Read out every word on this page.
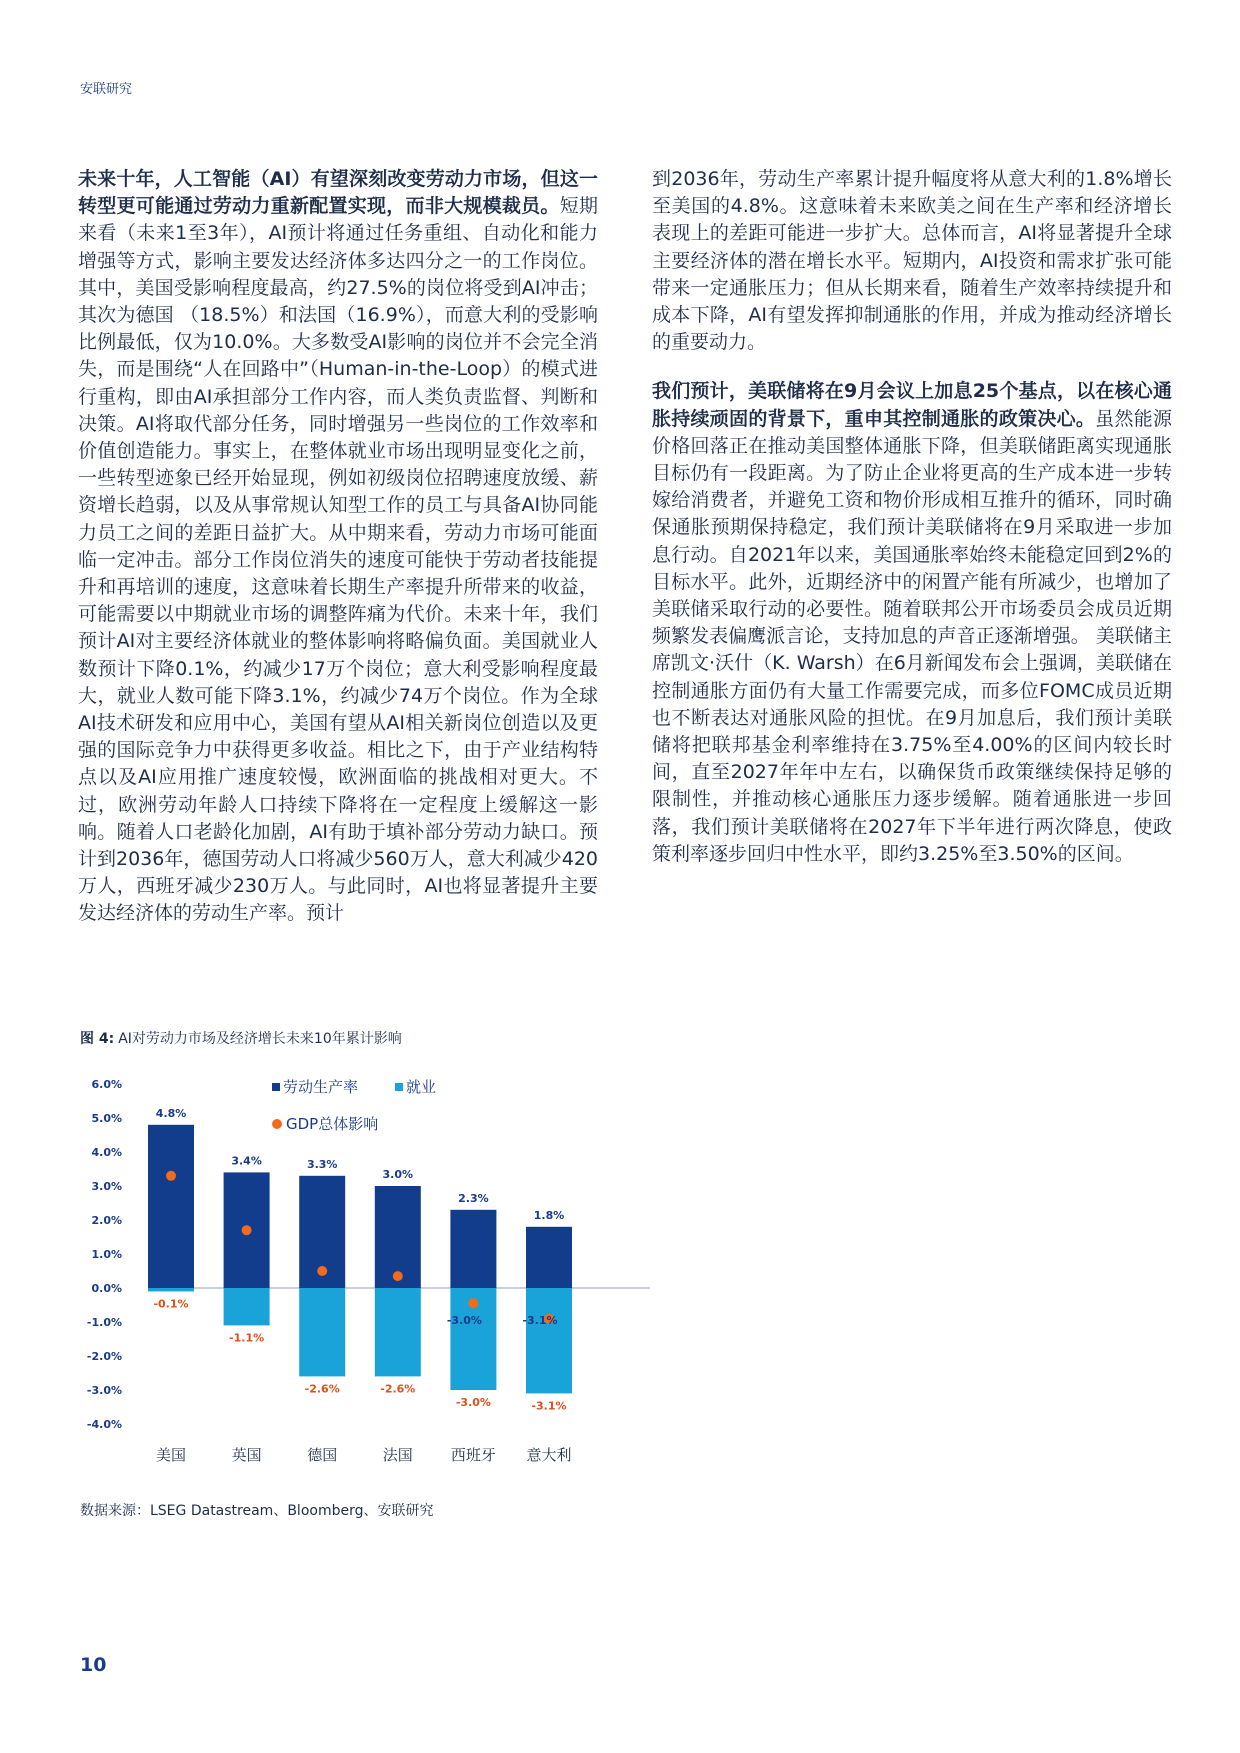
安联研究

未来十年，人工智能（AI）有望深刻改变劳动力市场，但这一转型更可能通过劳动力重新配置实现，而非大规模裁员。短期来看（未来1至3年），AI预计将通过任务重组、自动化和能力增强等方式，影响主要发达经济体多达四分之一的工作岗位。其中，美国受影响程度最高，约27.5%的岗位将受到AI冲击；其次为德国 （18.5%）和法国（16.9%），而意大利的受影响比例最低，仅为10.0%。大多数受AI影响的岗位并不会完全消失，而是围绕“人在回路中”（Human-in-the-Loop）的模式进行重构，即由AI承担部分工作内容，而人类负责监督、判断和决策。AI将取代部分任务，同时增强另一些岗位的工作效率和价值创造能力。事实上，在整体就业市场出现明显变化之前，一些转型迹象已经开始显现，例如初级岗位招聘速度放缓、薪资增长趋弱，以及从事常规认知型工作的员工与具备AI协同能力员工之间的差距日益扩大。从中期来看，劳动力市场可能面临一定冲击。部分工作岗位消失的速度可能快于劳动者技能提升和再培训的速度，这意味着长期生产率提升所带来的收益，可能需要以中期就业市场的调整阵痛为代价。未来十年，我们预计AI对主要经济体就业的整体影响将略偏负面。美国就业人数预计下降0.1%，约减少17万个岗位；意大利受影响程度最大，就业人数可能下降3.1%，约减少74万个岗位。作为全球AI技术研发和应用中心，美国有望从AI相关新岗位创造以及更强的国际竞争力中获得更多收益。相比之下，由于产业结构特点以及AI应用推广速度较慢，欧洲面临的挑战相对更大。不过，欧洲劳动年龄人口持续下降将在一定程度上缓解这一影响。随着人口老龄化加剧，AI有助于填补部分劳动力缺口。预计到2036年，德国劳动人口将减少560万人，意大利减少420万人，西班牙减少230万人。与此同时，AI也将显著提升主要发达经济体的劳动生产率。预计

到2036年，劳动生产率累计提升幅度将从意大利的1.8%增长至美国的4.8%。这意味着未来欧美之间在生产率和经济增长表现上的差距可能进一步扩大。总体而言，AI将显著提升全球主要经济体的潜在增长水平。短期内，AI投资和需求扩张可能带来一定通胀压力；但从长期来看，随着生产效率持续提升和成本下降，AI有望发挥抑制通胀的作用，并成为推动经济增长的重要动力。

我们预计，美联储将在9月会议上加息25个基点，以在核心通胀持续顽固的背景下，重申其控制通胀的政策决心。虽然能源价格回落正在推动美国整体通胀下降，但美联储距离实现通胀目标仍有一段距离。为了防止企业将更高的生产成本进一步转嫁给消费者，并避免工资和物价形成相互推升的循环，同时确保通胀预期保持稳定，我们预计美联储将在9月采取进一步加息行动。自2021年以来，美国通胀率始终未能稳定回到2%的目标水平。此外，近期经济中的闲置产能有所减少，也增加了美联储采取行动的必要性。随着联邦公开市场委员会成员近期频繁发表偏鹰派言论，支持加息的声音正逐渐增强。 美联储主席凯文·沃什（K. Warsh）在6月新闻发布会上强调，美联储在控制通胀方面仍有大量工作需要完成，而多位FOMC成员近期也不断表达对通胀风险的担忧。在9月加息后，我们预计美联储将把联邦基金利率维持在3.75%至4.00%的区间内较长时间，直至2027年年中左右，以确保货币政策继续保持足够的限制性，并推动核心通胀压力逐步缓解。随着通胀进一步回落，我们预计美联储将在2027年下半年进行两次降息，使政策利率逐步回归中性水平，即约3.25%至3.50%的区间。

图 4: AI对劳动力市场及经济增长未来10年累计影响
劳动生产率	就业
GDP总体影响
6.0%
5.0%
4.0%
3.0%
2.0%
1.0%
0.0%
-1.0%
-2.0%
-3.0%
-4.0%
4.8%
-0.1%
3.4%
-1.1%
3.3%
-2.6%
3.0%
-2.6%
2.3%
-3.0%
-3.0%
1.8%
-3.1%
-3.1%
美国	英国	德国	法国	西班牙 意大利
数据来源：LSEG Datastream、Bloomberg、安联研究
10
